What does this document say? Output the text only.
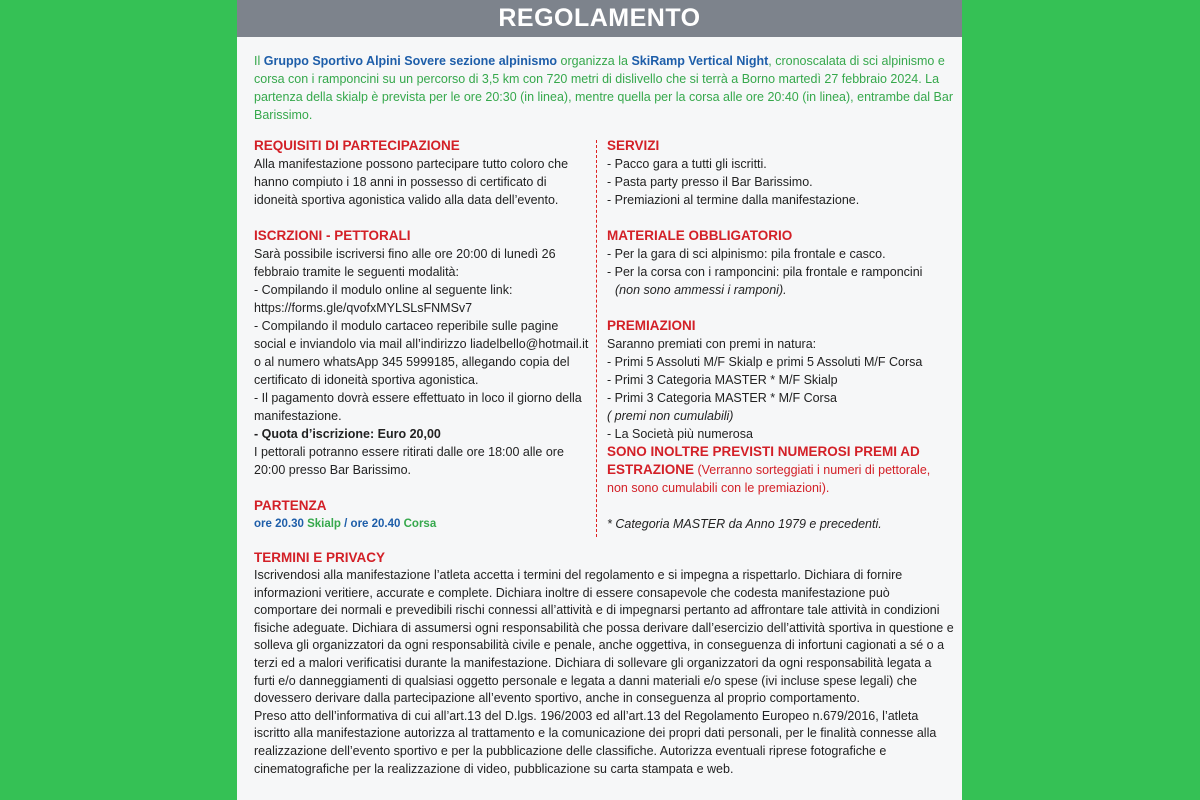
REGOLAMENTO

Il Gruppo Sportivo Alpini Sovere sezione alpinismo organizza la SkiRamp Vertical Night, cronoscalata di sci alpinismo e corsa con i ramponcini su un percorso di 3,5 km con 720 metri di dislivello che si terrà a Borno martedì 27 febbraio 2024. La partenza della skialp è prevista per le ore 20:30 (in linea), mentre quella per la corsa alle ore 20:40 (in linea), entrambe dal Bar Barissimo.

REQUISITI DI PARTECIPAZIONE

Alla manifestazione possono partecipare tutto coloro che hanno compiuto i 18 anni in possesso di certificato di idoneità sportiva agonistica valido alla data dell’evento.

ISCRZIONI - PETTORALI

Sarà possibile iscriversi fino alle ore 20:00 di lunedì 26 febbraio tramite le seguenti modalità:

- Compilando il modulo online al seguente link: https://forms.gle/qvofxMYLSLsFNMSv7

- Compilando il modulo cartaceo reperibile sulle pagine social e inviandolo via mail all’indirizzo liadelbello@hotmail.it o al numero whatsApp 345 5999185, allegando copia del certificato di idoneità sportiva agonistica.

- Il pagamento dovrà essere effettuato in loco il giorno della manifestazione.

- Quota d’iscrizione: Euro 20,00

I pettorali potranno essere ritirati dalle ore 18:00 alle ore 20:00 presso Bar Barissimo.

PARTENZA

ore 20.30 Skialp / ore 20.40 Corsa

SERVIZI

- Pacco gara a tutti gli iscritti.

- Pasta party presso il Bar Barissimo.

- Premiazioni al termine dalla manifestazione.

MATERIALE OBBLIGATORIO

- Per la gara di sci alpinismo: pila frontale e casco.

- Per la corsa con i ramponcini: pila frontale e ramponcini

(non sono ammessi i ramponi).

PREMIAZIONI

Saranno premiati con premi in natura:

- Primi 5 Assoluti M/F Skialp e primi 5 Assoluti M/F Corsa

- Primi 3 Categoria MASTER * M/F Skialp

- Primi 3 Categoria MASTER * M/F Corsa

( premi non cumulabili)

- La Società più numerosa

SONO INOLTRE PREVISTI NUMEROSI PREMI AD ESTRAZIONE (Verranno sorteggiati i numeri di pettorale, non sono cumulabili con le premiazioni).

* Categoria MASTER da Anno 1979 e precedenti.

TERMINI E PRIVACY

Iscrivendosi alla manifestazione l’atleta accetta i termini del regolamento e si impegna a rispettarlo. Dichiara di fornire informazioni veritiere, accurate e complete. Dichiara inoltre di essere consapevole che codesta manifestazione può comportare dei normali e prevedibili rischi connessi all’attività e di impegnarsi pertanto ad affrontare tale attività in condizioni fisiche adeguate. Dichiara di assumersi ogni responsabilità che possa derivare dall’esercizio dell’attività sportiva in questione e solleva gli organizzatori da ogni responsabilità civile e penale, anche oggettiva, in conseguenza di infortuni cagionati a sé o a terzi ed a malori verificatisi durante la manifestazione. Dichiara di sollevare gli organizzatori da ogni responsabilità legata a furti e/o danneggiamenti di qualsiasi oggetto personale e legata a danni materiali e/o spese (ivi incluse spese legali) che dovessero derivare dalla partecipazione all’evento sportivo, anche in conseguenza al proprio comportamento.

Preso atto dell’informativa di cui all’art.13 del D.lgs. 196/2003 ed all’art.13 del Regolamento Europeo n.679/2016, l’atleta iscritto alla manifestazione autorizza al trattamento e la comunicazione dei propri dati personali, per le finalità connesse alla realizzazione dell’evento sportivo e per la pubblicazione delle classifiche. Autorizza eventuali riprese fotografiche e cinematografiche per la realizzazione di video, pubblicazione su carta stampata e web.
